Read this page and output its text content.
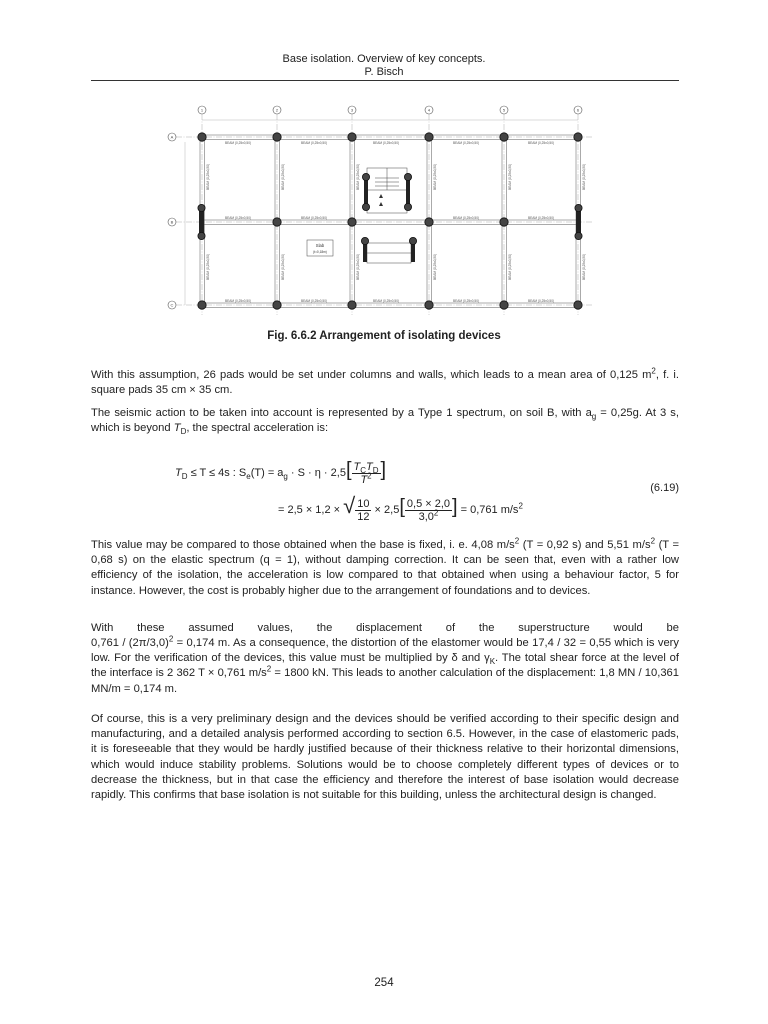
Base isolation. Overview of key concepts.
P. Bisch
1	2	3	4	5	6
A
B
C
BEAM (0,25x0,50)	BEAM (0,25x0,50)	BEAM (0,25x0,50)	BEAM (0,25x0,50)	BEAM (0,25x0,50)
BEAM (0,25x0,50)	BEAM (0,25x0,50)	BEAM (0,25x0,50)	BEAM (0,25x0,50)
BEAM (0,25x0,50)	BEAM (0,25x0,50)	BEAM (0,25x0,50)	BEAM (0,25x0,50)	BEAM (0,25x0,50)
BEAM (0,25x0,50)	BEAM (0,25x0,50)	BEAM (0,25x0,50)	BEAM (0,25x0,50)	BEAM (0,25x0,50)	BEAM (0,25x0,50)
BEAM (0,25x0,50)	BEAM (0,25x0,50)	BEAM (0,25x0,50)	BEAM (0,25x0,50)	BEAM (0,25x0,50)	BEAM (0,25x0,50)
Slab
(t=0,18m)
Fig. 6.6.2 Arrangement of isolating devices

With this assumption, 26 pads would be set under columns and walls, which leads to a mean area of 0,125 $m^2$, f. i. square pads 35 cm × 35 cm.

The seismic action to be taken into account is represented by a Type 1 spectrum, on soil B, with $a_g = 0,25g$. At 3 s, which is beyond $T_D$, the spectral acceleration is:

$T_D \le T \le 4s$ : $S_e(T) = a_g \cdot S \cdot \eta \cdot 2,5[ \frac{T_CT_D}{T^2}$ ]
= 2,5 × 1,2 × √ $\frac{10}{12} \times 2,5[ \frac{0,5 \times 2,0}{3,0^2}$ ] = 0,761 $m/s^2$
(6.19)

This value may be compared to those obtained when the base is fixed, i. e. 4,08 $m/s^2$ (T = 0,92 s) and 5,51 $m/s^2$ (T = 0,68 s) on the elastic spectrum (q = 1), without damping correction. It can be seen that, even with a rather low efficiency of the isolation, the acceleration is low compared to that obtained when using a behaviour factor, 5 for instance. However, the cost is probably higher due to the arrangement of foundations and to devices.

With these assumed values, the displacement of the superstructure would be

$0,761 / (2\pi/3,0)^2 = 0,174$ m. As a consequence, the distortion of the elastomer would be 17,4 / 32 = 0,55 which is very low. For the verification of the devices, this value must be multiplied by δ and $\gamma_K$. The total shear force at the level of the interface is 2 362 T × 0,761 $m/s^2 = 1800$ kN. This leads to another calculation of the displacement: 1,8 MN / 10,361 MN/m = 0,174 m.

Of course, this is a very preliminary design and the devices should be verified according to their specific design and manufacturing, and a detailed analysis performed according to section 6.5. However, in the case of elastomeric pads, it is foreseeable that they would be hardly justified because of their thickness relative to their horizontal dimensions, which would induce stability problems. Solutions would be to choose completely different types of devices or to decrease the thickness, but in that case the efficiency and therefore the interest of base isolation would decrease rapidly. This confirms that base isolation is not suitable for this building, unless the architectural design is changed.

254
